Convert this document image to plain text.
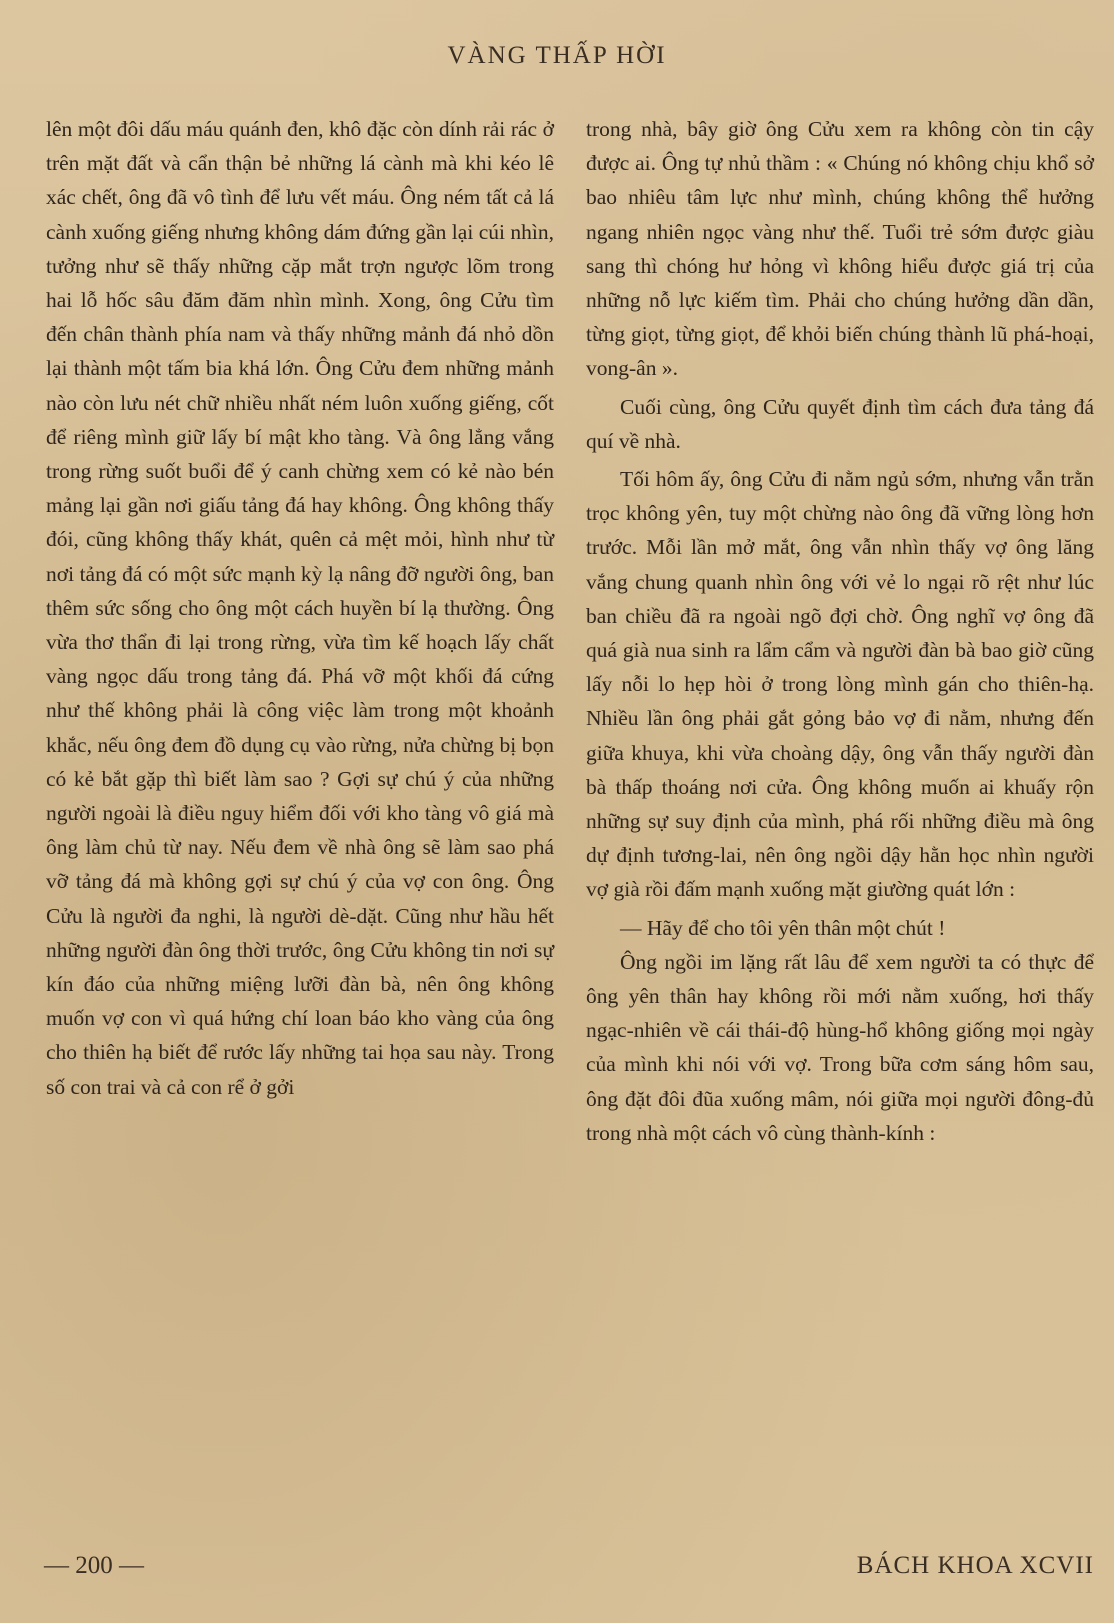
VÀNG THẤP HỜI

lên một đôi dấu máu quánh đen, khô đặc còn dính rải rác ở trên mặt đất và cẩn thận bẻ những lá cành mà khi kéo lê xác chết, ông đã vô tình để lưu vết máu. Ông ném tất cả lá cành xuống giếng nhưng không dám đứng gần lại cúi nhìn, tưởng như sẽ thấy những cặp mắt trợn ngược lõm trong hai lỗ hốc sâu đăm đăm nhìn mình. Xong, ông Cửu tìm đến chân thành phía nam và thấy những mảnh đá nhỏ dồn lại thành một tấm bia khá lớn. Ông Cửu đem những mảnh nào còn lưu nét chữ nhiều nhất ném luôn xuống giếng, cốt để riêng mình giữ lấy bí mật kho tàng. Và ông lẳng vắng trong rừng suốt buổi để ý canh chừng xem có kẻ nào bén mảng lại gần nơi giấu tảng đá hay không. Ông không thấy đói, cũng không thấy khát, quên cả mệt mỏi, hình như từ nơi tảng đá có một sức mạnh kỳ lạ nâng đỡ người ông, ban thêm sức sống cho ông một cách huyền bí lạ thường. Ông vừa thơ thẩn đi lại trong rừng, vừa tìm kế hoạch lấy chất vàng ngọc dấu trong tảng đá. Phá vỡ một khối đá cứng như thế không phải là công việc làm trong một khoảnh khắc, nếu ông đem đồ dụng cụ vào rừng, nửa chừng bị bọn có kẻ bắt gặp thì biết làm sao ? Gợi sự chú ý của những người ngoài là điều nguy hiểm đối với kho tàng vô giá mà ông làm chủ từ nay. Nếu đem về nhà ông sẽ làm sao phá vỡ tảng đá mà không gợi sự chú ý của vợ con ông. Ông Cửu là người đa nghi, là người dè-dặt. Cũng như hầu hết những người đàn ông thời trước, ông Cửu không tin nơi sự kín đáo của những miệng lưỡi đàn bà, nên ông không muốn vợ con vì quá hứng chí loan báo kho vàng của ông cho thiên hạ biết để rước lấy những tai họa sau này. Trong số con trai và cả con rể ở gởi

trong nhà, bây giờ ông Cửu xem ra không còn tin cậy được ai. Ông tự nhủ thầm : « Chúng nó không chịu khổ sở bao nhiêu tâm lực như mình, chúng không thể hưởng ngang nhiên ngọc vàng như thế. Tuổi trẻ sớm được giàu sang thì chóng hư hỏng vì không hiểu được giá trị của những nỗ lực kiếm tìm. Phải cho chúng hưởng dần dần, từng giọt, từng giọt, để khỏi biến chúng thành lũ phá-hoại, vong-ân ».

Cuối cùng, ông Cửu quyết định tìm cách đưa tảng đá quí về nhà.

Tối hôm ấy, ông Cửu đi nằm ngủ sớm, nhưng vẫn trằn trọc không yên, tuy một chừng nào ông đã vững lòng hơn trước. Mỗi lần mở mắt, ông vẫn nhìn thấy vợ ông lăng vắng chung quanh nhìn ông với vẻ lo ngại rõ rệt như lúc ban chiều đã ra ngoài ngõ đợi chờ. Ông nghĩ vợ ông đã quá già nua sinh ra lẩm cẩm và người đàn bà bao giờ cũng lấy nỗi lo hẹp hòi ở trong lòng mình gán cho thiên-hạ. Nhiều lần ông phải gắt gỏng bảo vợ đi nằm, nhưng đến giữa khuya, khi vừa choàng dậy, ông vẫn thấy người đàn bà thấp thoáng nơi cửa. Ông không muốn ai khuấy rộn những sự suy định của mình, phá rối những điều mà ông dự định tương-lai, nên ông ngồi dậy hằn học nhìn người vợ già rồi đấm mạnh xuống mặt giường quát lớn :

— Hãy để cho tôi yên thân một chút !

Ông ngồi im lặng rất lâu để xem người ta có thực để ông yên thân hay không rồi mới nằm xuống, hơi thấy ngạc-nhiên về cái thái-độ hùng-hổ không giống mọi ngày của mình khi nói với vợ. Trong bữa cơm sáng hôm sau, ông đặt đôi đũa xuống mâm, nói giữa mọi người đông-đủ trong nhà một cách vô cùng thành-kính :

— 200 —	BÁCH KHOA XCVII
